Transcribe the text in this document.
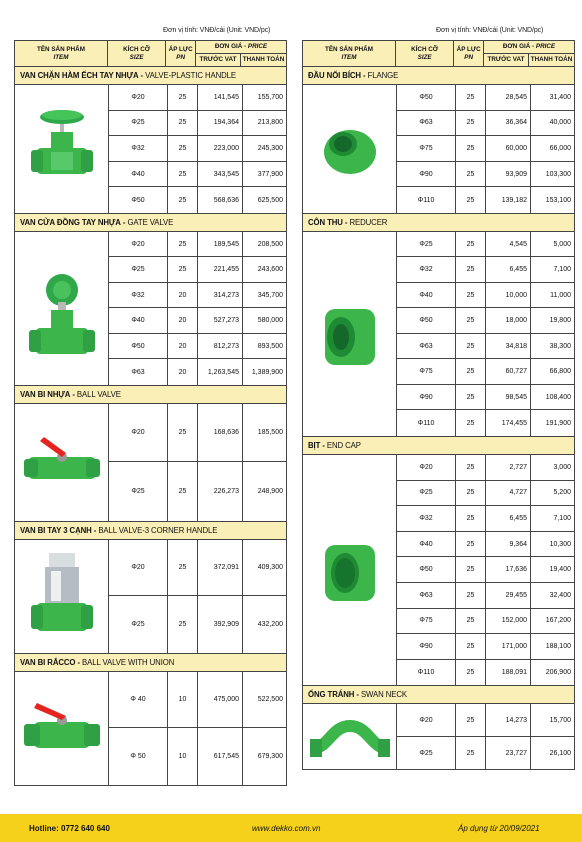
Đơn vị tính: VNĐ/cái (Unit: VND/pc)	Đơn vị tính: VNĐ/cái (Unit: VND/pc)
TÊN SẢN PHẨM
ITEM
KÍCH CỠ
SIZE
ÁP LỰC
PN
ĐƠN GIÁ - PRICE
TRƯỚC VAT THANH TOÁN
VAN CHẶN HÀM ẾCH TAY NHỰA - VALVE-PLASTIC HANDLE
Φ20	25	141,545	155,700
Φ25	25	194,364	213,800
Φ32	25	223,000	245,300
Φ40	25	343,545	377,900
Φ50	25	568,636	625,500
VAN CỬA ĐỒNG TAY NHỰA - GATE VALVE
Φ20	25	189,545	208,500
Φ25	25	221,455	243,600
Φ32	20	314,273	345,700
Φ40	20	527,273	580,000
Φ50	20	812,273	893,500
Φ63	20	1,263,545	1,389,900
VAN BI NHỰA - BALL VALVE
Φ20	25	168,636	185,500
Φ25	25	226,273	248,900
VAN BI TAY 3 CẠNH - BALL VALVE-3 CORNER HANDLE
Φ20	25	372,091	409,300
Φ25	25	392,909	432,200
VAN BI RẮCCO - BALL VALVE WITH UNION
Φ 40	10	475,000	522,500
Φ 50	10	617,545	679,300
TÊN SẢN PHẨM
ITEM
KÍCH CỠ
SIZE
ÁP LỰC
PN
ĐƠN GIÁ - PRICE
TRƯỚC VAT THANH TOÁN
ĐẦU NỐI BÍCH - FLANGE
Φ50	25	28,545	31,400
Φ63	25	36,364	40,000
Φ75	25	60,000	66,000
Φ90	25	93,909	103,300
Φ110	25	139,182	153,100
CÔN THU - REDUCER
Φ25	25	4,545	5,000
Φ32	25	6,455	7,100
Φ40	25	10,000	11,000
Φ50	25	18,000	19,800
Φ63	25	34,818	38,300
Φ75	25	60,727	66,800
Φ90	25	98,545	108,400
Φ110	25	174,455	191,900
BỊT - END CAP
Φ20	25	2,727	3,000
Φ25	25	4,727	5,200
Φ32	25	6,455	7,100
Φ40	25	9,364	10,300
Φ50	25	17,636	19,400
Φ63	25	29,455	32,400
Φ75	25	152,000	167,200
Φ90	25	171,000	188,100
Φ110	25	188,091	206,900
ỐNG TRÁNH - SWAN NECK
Φ20	25	14,273	15,700
Φ25	25	23,727	26,100
Hotline: 0772 640 640	www.dekko.com.vn	Áp dụng từ 20/09/2021
